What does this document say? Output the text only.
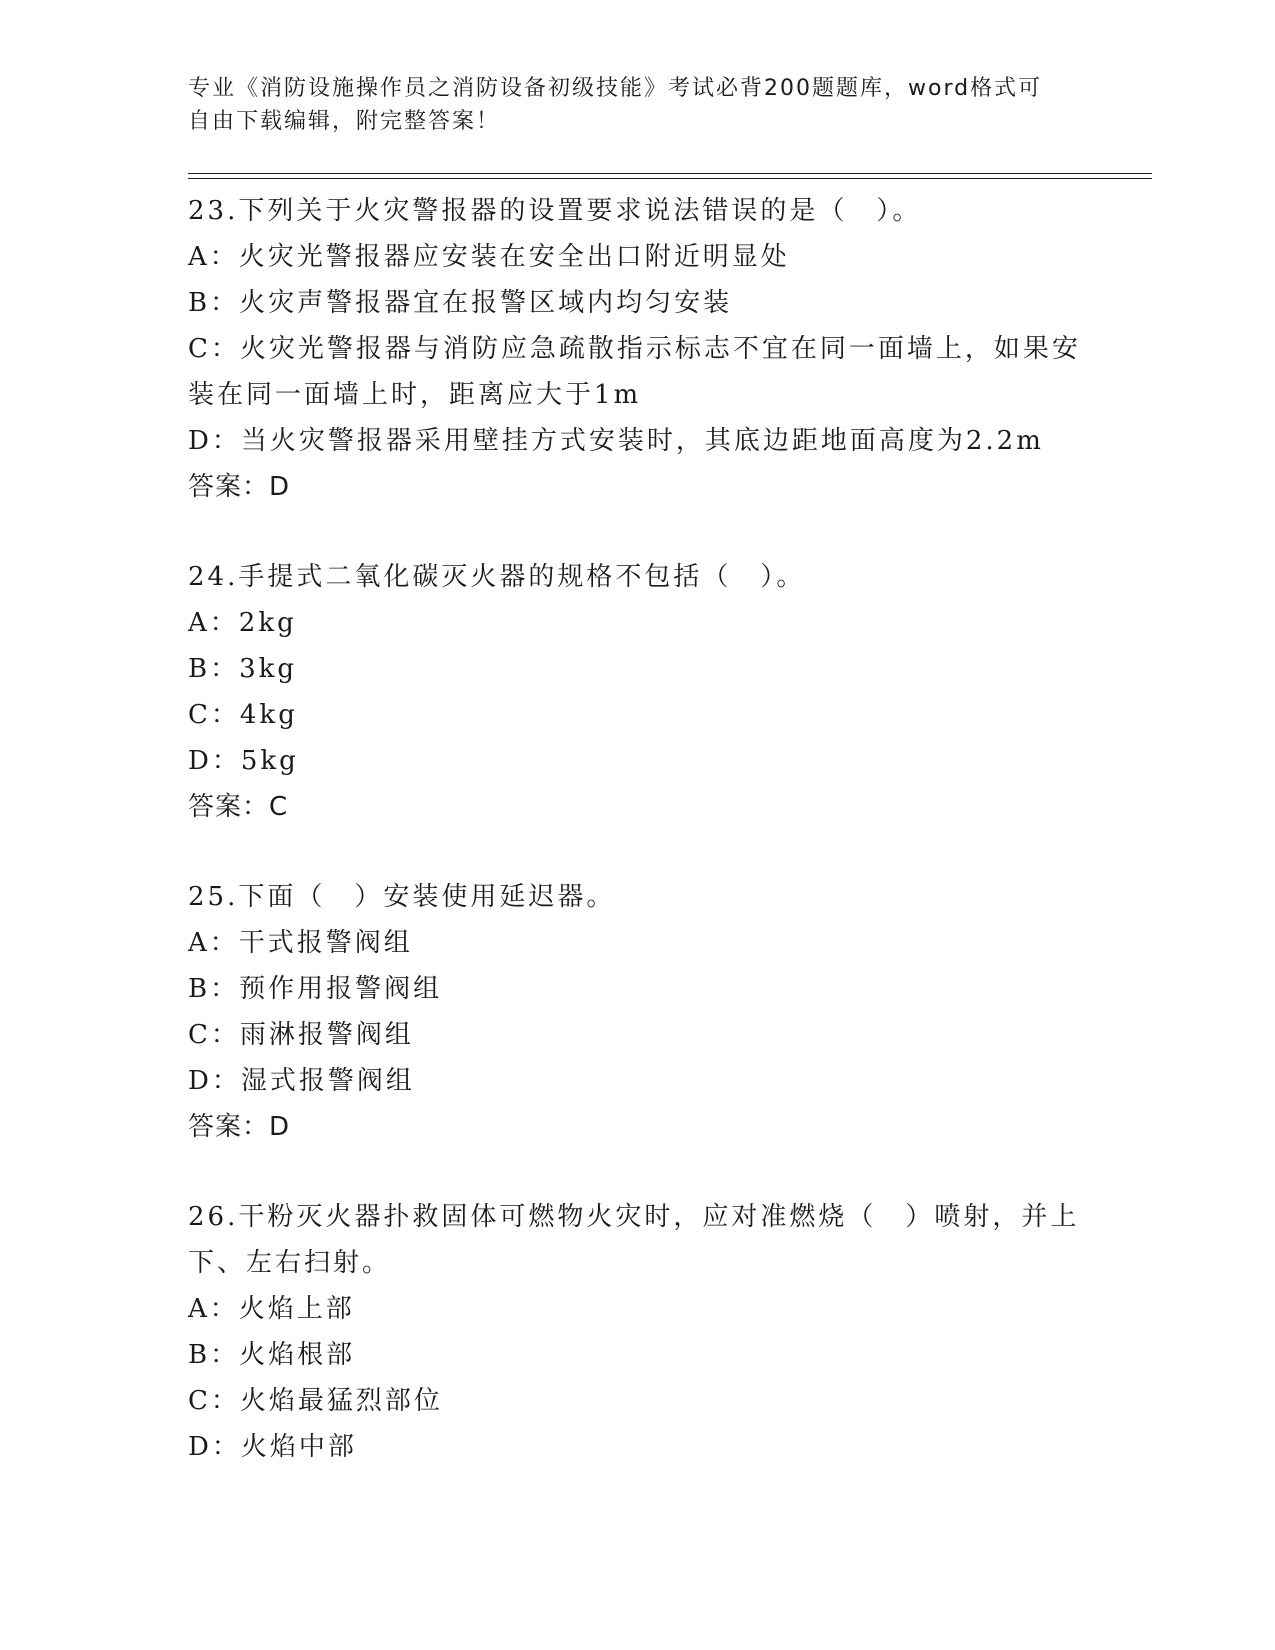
专业《消防设施操作员之消防设备初级技能》考试必背200题题库，word格式可
自由下载编辑，附完整答案！
23.下列关于火灾警报器的设置要求说法错误的是（　）。
A：火灾光警报器应安装在安全出口附近明显处
B：火灾声警报器宜在报警区域内均匀安装
C：火灾光警报器与消防应急疏散指示标志不宜在同一面墙上，如果安
装在同一面墙上时，距离应大于1m
D：当火灾警报器采用壁挂方式安装时，其底边距地面高度为2.2m
答案：D
24.手提式二氧化碳灭火器的规格不包括（　）。
A：2kg
B：3kg
C：4kg
D：5kg
答案：C
25.下面（　）安装使用延迟器。
A：干式报警阀组
B：预作用报警阀组
C：雨淋报警阀组
D：湿式报警阀组
答案：D
26.干粉灭火器扑救固体可燃物火灾时，应对准燃烧（　）喷射，并上
下、左右扫射。
A：火焰上部
B：火焰根部
C：火焰最猛烈部位
D：火焰中部
